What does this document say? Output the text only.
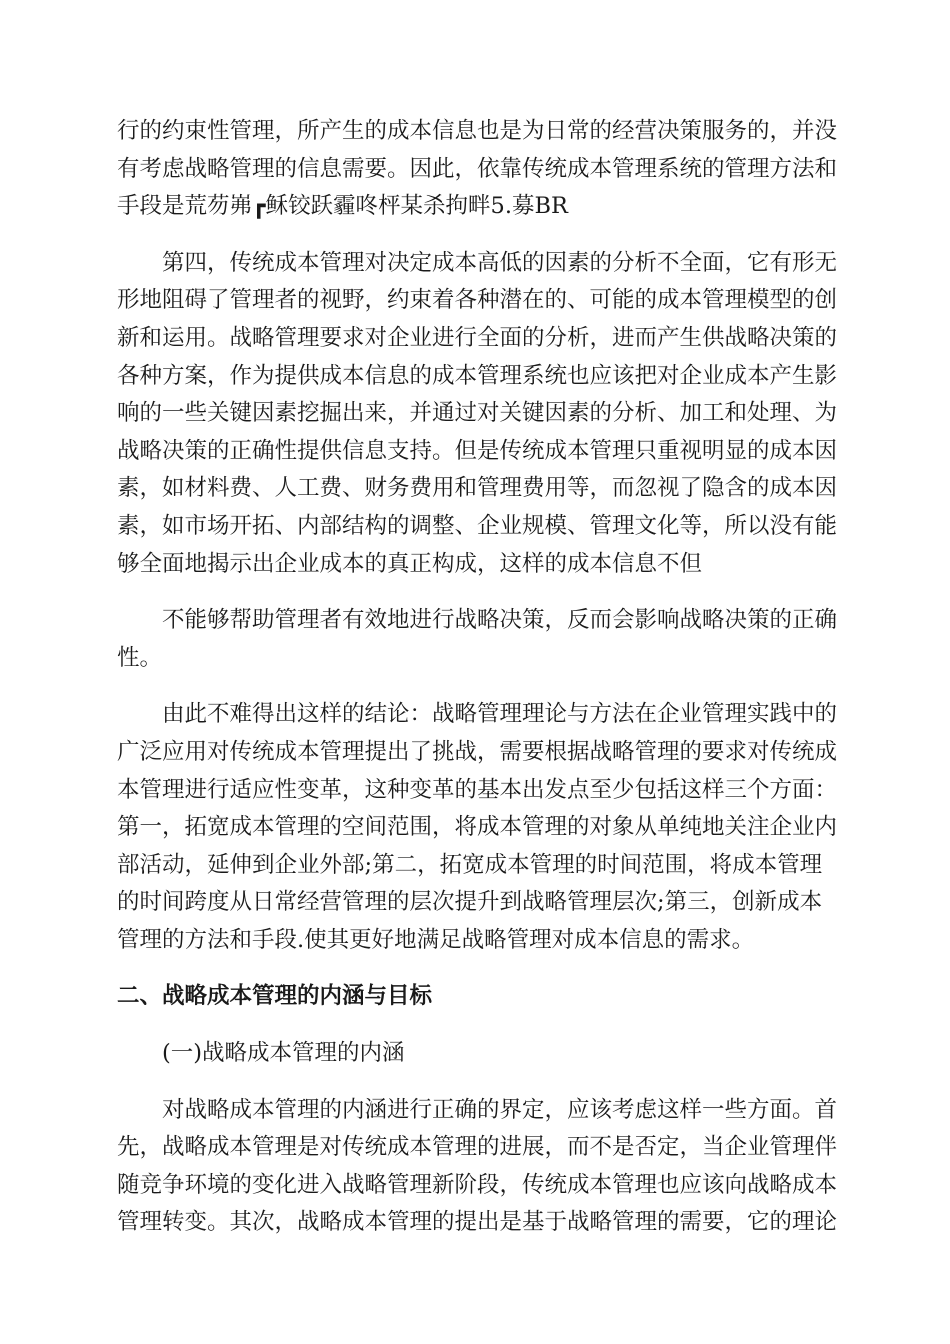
行的约束性管理，所产生的成本信息也是为日常的经营决策服务的，并没
有考虑战略管理的信息需要。因此，依靠传统成本管理系统的管理方法和
手段是荒芴岪┏稣铰跃霾咚枰某杀拘畔5.募BR

第四，传统成本管理对决定成本高低的因素的分析不全面，它有形无
形地阻碍了管理者的视野，约束着各种潜在的、可能的成本管理模型的创
新和运用。战略管理要求对企业进行全面的分析，进而产生供战略决策的
各种方案，作为提供成本信息的成本管理系统也应该把对企业成本产生影
响的一些关键因素挖掘出来，并通过对关键因素的分析、加工和处理、为
战略决策的正确性提供信息支持。但是传统成本管理只重视明显的成本因
素，如材料费、人工费、财务费用和管理费用等，而忽视了隐含的成本因
素，如市场开拓、内部结构的调整、企业规模、管理文化等，所以没有能
够全面地揭示出企业成本的真正构成，这样的成本信息不但

不能够帮助管理者有效地进行战略决策，反而会影响战略决策的正确
性。

由此不难得出这样的结论：战略管理理论与方法在企业管理实践中的
广泛应用对传统成本管理提出了挑战，需要根据战略管理的要求对传统成
本管理进行适应性变革，这种变革的基本出发点至少包括这样三个方面：
第一，拓宽成本管理的空间范围，将成本管理的对象从单纯地关注企业内
部活动，延伸到企业外部;第二，拓宽成本管理的时间范围，将成本管理
的时间跨度从日常经营管理的层次提升到战略管理层次;第三，创新成本
管理的方法和手段.使其更好地满足战略管理对成本信息的需求。

二、战略成本管理的内涵与目标

(一)战略成本管理的内涵

对战略成本管理的内涵进行正确的界定，应该考虑这样一些方面。首
先，战略成本管理是对传统成本管理的进展，而不是否定，当企业管理伴
随竞争环境的变化进入战略管理新阶段，传统成本管理也应该向战略成本
管理转变。其次，战略成本管理的提出是基于战略管理的需要，它的理论
